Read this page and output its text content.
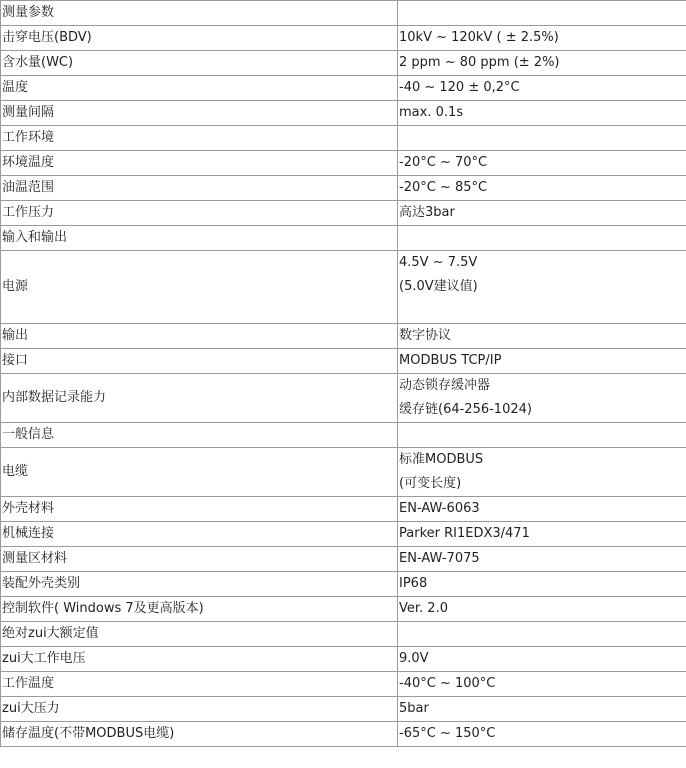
测量参数	

击穿电压(BDV)	10kV ~ 120kV ( ± 2.5%)

含水量(WC)	2 ppm ~ 80 ppm (± 2%)

温度	-40 ~ 120 ± 0,2°C

测量间隔	max. 0.1s

工作环境	

环境温度	-20°C ~ 70°C

油温范围	-20°C ~ 85°C

工作压力	高达3bar

输入和输出	

电源	4.5V ~ 7.5V
(5.0V建议值)

输出	数字协议

接口	MODBUS TCP/IP

内部数据记录能力	动态锁存缓冲器
缓存链(64-256-1024)

一般信息	

电缆	标准MODBUS
(可变长度)

外壳材料	EN-AW-6063

机械连接	Parker RI1EDX3/471

测量区材料	EN-AW-7075

装配外壳类别	IP68

控制软件( Windows 7及更高版本)	Ver. 2.0

绝对zui大额定值	

zui大工作电压	9.0V

工作温度	-40°C ~ 100°C

zui大压力	5bar

储存温度(不带MODBUS电缆)	-65°C ~ 150°C
